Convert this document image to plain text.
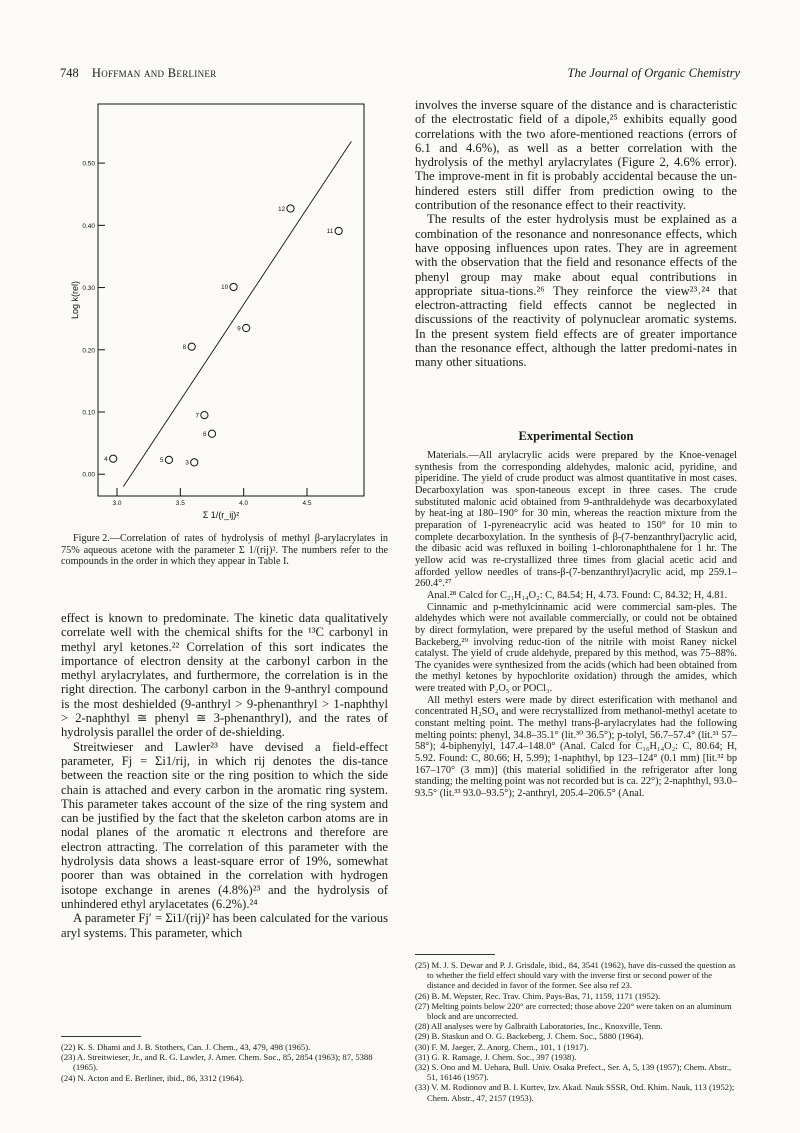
748 Hoffman and Berliner	The Journal of Organic Chemistry
0.00
0.10
0.20
0.30
0.40
0.50
3.0	3.5	4.0	4.5
4	5	3
6
7
8
9
10
11
12
Log k(rel)
Σ 1/(r_ij)²
Figure 2.—Correlation of rates of hydrolysis of methyl β-arylacrylates in 75% aqueous acetone with the parameter Σ 1/(rij)². The numbers refer to the compounds in the order in which they appear in Table I.

involves the inverse square of the distance and is characteristic of the electrostatic field of a dipole,²⁵ exhibits equally good correlations with the two afore-mentioned reactions (errors of 6.1 and 4.6%), as well as a better correlation with the hydrolysis of the methyl arylacrylates (Figure 2, 4.6% error). The improve-ment in fit is probably accidental because the un-hindered esters still differ from prediction owing to the contribution of the resonance effect to their reactivity.

The results of the ester hydrolysis must be explained as a combination of the resonance and nonresonance effects, which have opposing influences upon rates. They are in agreement with the observation that the field and resonance effects of the phenyl group may make about equal contributions in appropriate situa-tions.²⁶ They reinforce the view²³˒²⁴ that electron-attracting field effects cannot be neglected in discussions of the reactivity of polynuclear aromatic systems. In the present system field effects are of greater importance than the resonance effect, although the latter predomi-nates in many other situations.

Experimental Section

Materials.—All arylacrylic acids were prepared by the Knoe-venagel synthesis from the corresponding aldehydes, malonic acid, pyridine, and piperidine. The yield of crude product was almost quantitative in most cases. Decarboxylation was spon-taneous except in three cases. The crude substituted malonic acid obtained from 9-anthraldehyde was decarboxylated by heat-ing at 180–190° for 30 min, whereas the reaction mixture from the preparation of 1-pyreneacrylic acid was heated to 150° for 10 min to complete decarboxylation. In the synthesis of β-(7-benzanthryl)acrylic acid, the dibasic acid was refluxed in boiling 1-chloronaphthalene for 1 hr. The yellow acid was re-crystallized three times from glacial acetic acid and afforded yellow needles of trans-β-(7-benzanthryl)acrylic acid, mp 259.1–260.4°.²⁷

Anal.²⁸ Calcd for C₂₁H₁₄O₂: C, 84.54; H, 4.73. Found: C, 84.32; H, 4.81.

Cinnamic and p-methylcinnamic acid were commercial sam-ples. The aldehydes which were not available commercially, or could not be obtained by direct formylation, were prepared by the useful method of Staskun and Backeberg,²⁹ involving reduc-tion of the nitrile with moist Raney nickel catalyst. The yield of crude aldehyde, prepared by this method, was 75–88%. The cyanides were synthesized from the acids (which had been obtained from the methyl ketones by hypochlorite oxidation) through the amides, which were treated with P₂O₅ or POCl₃.

All methyl esters were made by direct esterification with methanol and concentrated H₂SO₄ and were recrystallized from methanol-methyl acetate to constant melting point. The methyl trans-β-arylacrylates had the following melting points: phenyl, 34.8–35.1° (lit.³⁰ 36.5°); p-tolyl, 56.7–57.4° (lit.³¹ 57–58°); 4-biphenylyl, 147.4–148.0° (Anal. Calcd for C₁₆H₁₄O₂: C, 80.64; H, 5.92. Found: C, 80.66; H, 5.99); 1-naphthyl, bp 123–124° (0.1 mm) [lit.³² bp 167–170° (3 mm)] (this material solidified in the refrigerator after long standing; the melting point was not recorded but is ca. 22°); 2-naphthyl, 93.0–93.5° (lit.³³ 93.0–93.5°); 2-anthryl, 205.4–206.5° (Anal.

effect is known to predominate. The kinetic data qualitatively correlate well with the chemical shifts for the ¹³C carbonyl in methyl aryl ketones.²² Correlation of this sort indicates the importance of electron density at the carbonyl carbon in the methyl arylacrylates, and furthermore, the correlation is in the right direction. The carbonyl carbon in the 9-anthryl compound is the most deshielded (9-anthryl > 9-phenanthryl > 1-naphthyl > 2-naphthyl ≅ phenyl ≅ 3-phenanthryl), and the rates of hydrolysis parallel the order of de-shielding.

Streitwieser and Lawler²³ have devised a field-effect parameter, Fj = Σi1/rij, in which rij denotes the dis-tance between the reaction site or the ring position to which the side chain is attached and every carbon in the aromatic ring system. This parameter takes account of the size of the ring system and can be justified by the fact that the skeleton carbon atoms are in nodal planes of the aromatic π electrons and therefore are electron attracting. The correlation of this parameter with the hydrolysis data shows a least-square error of 19%, somewhat poorer than was obtained in the correlation with hydrogen isotope exchange in arenes (4.8%)²³ and the hydrolysis of unhindered ethyl arylacetates (6.2%).²⁴

A parameter Fj′ = Σi1/(rij)² has been calculated for the various aryl systems. This parameter, which

(22) K. S. Dhami and J. B. Stothers, Can. J. Chem., 43, 479, 498 (1965).
(23) A. Streitwieser, Jr., and R. G. Lawler, J. Amer. Chem. Soc., 85, 2854 (1963); 87, 5388 (1965).
(24) N. Acton and E. Berliner, ibid., 86, 3312 (1964).
(25) M. J. S. Dewar and P. J. Grisdale, ibid., 84, 3541 (1962), have dis-cussed the question as to whether the field effect should vary with the inverse first or second power of the distance and decided in favor of the former. See also ref 23.
(26) B. M. Wepster, Rec. Trav. Chim. Pays-Bas, 71, 1159, 1171 (1952).
(27) Melting points below 220° are corrected; those above 220° were taken on an aluminum block and are uncorrected.
(28) All analyses were by Galbraith Laboratories, Inc., Knoxville, Tenn.
(29) B. Staskun and O. G. Backeberg, J. Chem. Soc., 5880 (1964).
(30) F. M. Jaeger, Z. Anorg. Chem., 101, 1 (1917).
(31) G. R. Ramage, J. Chem. Soc., 397 (1938).
(32) S. Ono and M. Uehara, Bull. Univ. Osaka Prefect., Ser. A, 5, 139 (1957); Chem. Abstr., 51, 16146 (1957).
(33) V. M. Rodionov and B. I. Kurtev, Izv. Akad. Nauk SSSR, Otd. Khim. Nauk, 113 (1952); Chem. Abstr., 47, 2157 (1953).
